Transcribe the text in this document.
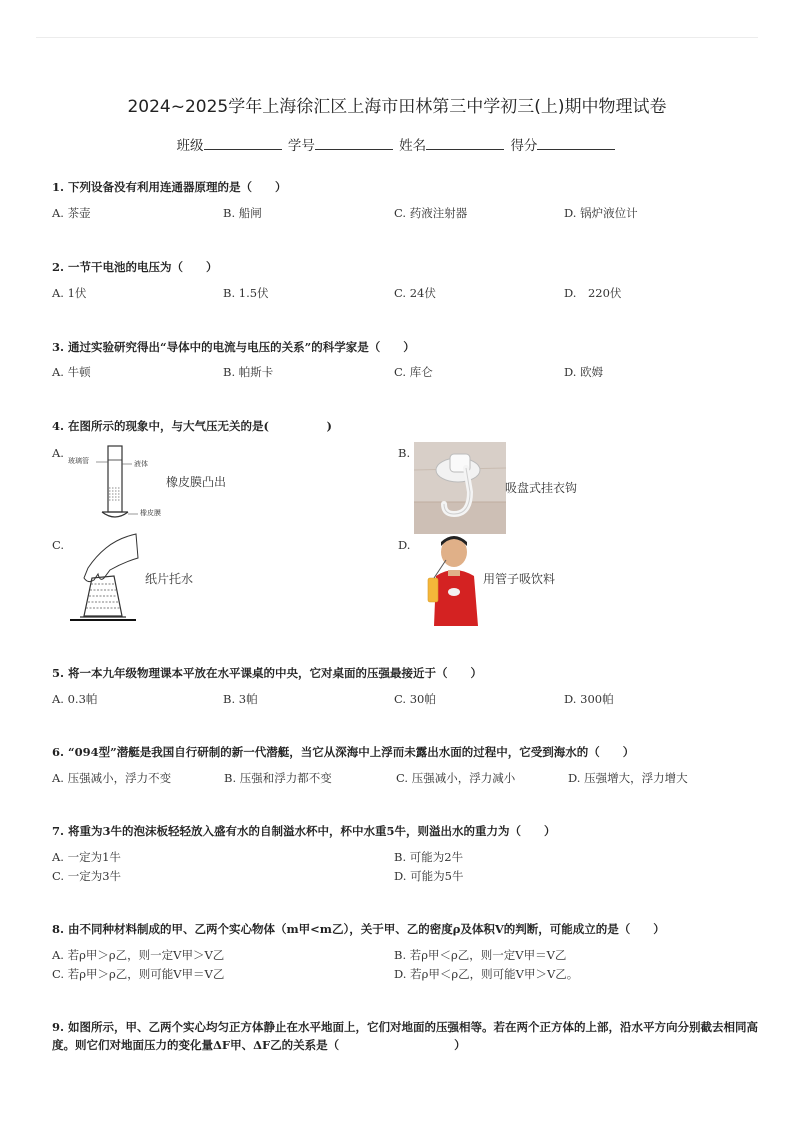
2024~2025学年上海徐汇区上海市田林第三中学初三(上)期中物理试卷
班级	学号	姓名	得分
1. 下列设备没有利用连通器原理的是（　　）
A. 茶壶	B. 船闸	C. 药液注射器	D. 锅炉液位计
2. 一节干电池的电压为（　　）
A. 1伏	B. 1.5伏	C. 24伏	D.　220伏
3. 通过实验研究得出“导体中的电流与电压的关系”的科学家是（　　）
A. 牛顿	B. 帕斯卡	C. 库仑	D. 欧姆
4. 在图所示的现象中，与大气压无关的是(　　　　　)
A.
玻璃管	液体
橡皮膜
橡皮膜凸出
B.
吸盘式挂衣钩
C.
纸片托水
D.
用管子吸饮料
5. 将一本九年级物理课本平放在水平课桌的中央，它对桌面的压强最接近于（　　）
A. 0.3帕	B. 3帕	C. 30帕	D. 300帕
6. “094型”潜艇是我国自行研制的新一代潜艇，当它从深海中上浮而未露出水面的过程中，它受到海水的（　　）
A. 压强减小，浮力不变	B. 压强和浮力都不变	C. 压强减小，浮力减小	D. 压强增大，浮力增大
7. 将重为3牛的泡沫板轻轻放入盛有水的自制溢水杯中，杯中水重5牛，则溢出水的重力为（　　）
A. 一定为1牛	B. 可能为2牛
C. 一定为3牛	D. 可能为5牛
8. 由不同种材料制成的甲、乙两个实心物体（m甲<m乙），关于甲、乙的密度ρ及体积V的判断，可能成立的是（　　）
A. 若ρ甲＞ρ乙，则一定V甲＞V乙	B. 若ρ甲＜ρ乙，则一定V甲＝V乙
C. 若ρ甲＞ρ乙，则可能V甲＝V乙	D. 若ρ甲＜ρ乙，则可能V甲＞V乙。
9. 如图所示，甲、乙两个实心均匀正方体静止在水平地面上，它们对地面的压强相等。若在两个正方体的上部，沿水平方向分别截去相同高度。则它们对地面压力的变化量ΔF甲、ΔF乙的关系是（　　　　　　　　　　）
